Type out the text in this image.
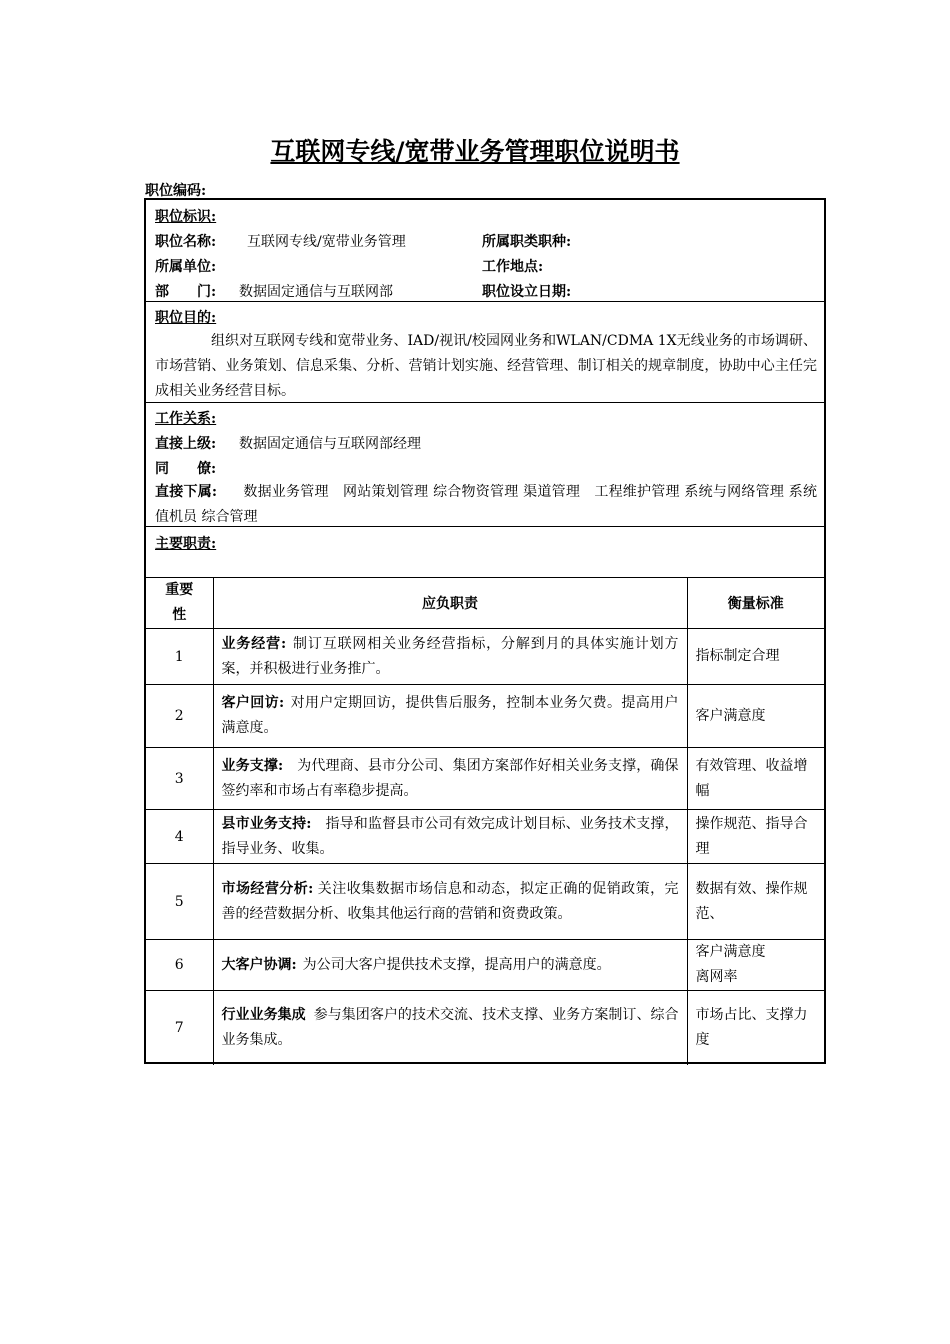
互联网专线/宽带业务管理职位说明书
职位编码:
职位标识:
职位名称: 互联网专线/宽带业务管理	所属职类职种:
所属单位:	工作地点:
部　　门: 数据固定通信与互联网部	职位设立日期:
职位目的:
组织对互联网专线和宽带业务、IAD/视讯/校园网业务和WLAN/CDMA 1X无线业务的市场调研、市场营销、业务策划、信息采集、分析、营销计划实施、经营管理、制订相关的规章制度，协助中心主任完成相关业务经营目标。
工作关系:
直接上级: 数据固定通信与互联网部经理
同　　僚:
直接下属: 数据业务管理　网站策划管理 综合物资管理 渠道管理　工程维护管理 系统与网络管理 系统值机员 综合管理
主要职责:
重要性	应负职责	衡量标准
1	业务经营: 制订互联网相关业务经营指标，分解到月的具体实施计划方案，并积极进行业务推广。	指标制定合理
2	客户回访: 对用户定期回访，提供售后服务，控制本业务欠费。提高用户满意度。	客户满意度
3	业务支撑: 为代理商、县市分公司、集团方案部作好相关业务支撑，确保签约率和市场占有率稳步提高。	有效管理、收益增幅
4	县市业务支持: 指导和监督县市公司有效完成计划目标、业务技术支撑，指导业务、收集。	操作规范、指导合理
5	市场经营分析: 关注收集数据市场信息和动态，拟定正确的促销政策，完善的经营数据分析、收集其他运行商的营销和资费政策。	数据有效、操作规范、
6	大客户协调: 为公司大客户提供技术支撑，提高用户的满意度。	客户满意度
离网率
7	行业业务集成 参与集团客户的技术交流、技术支撑、业务方案制订、综合业务集成。	市场占比、支撑力度
